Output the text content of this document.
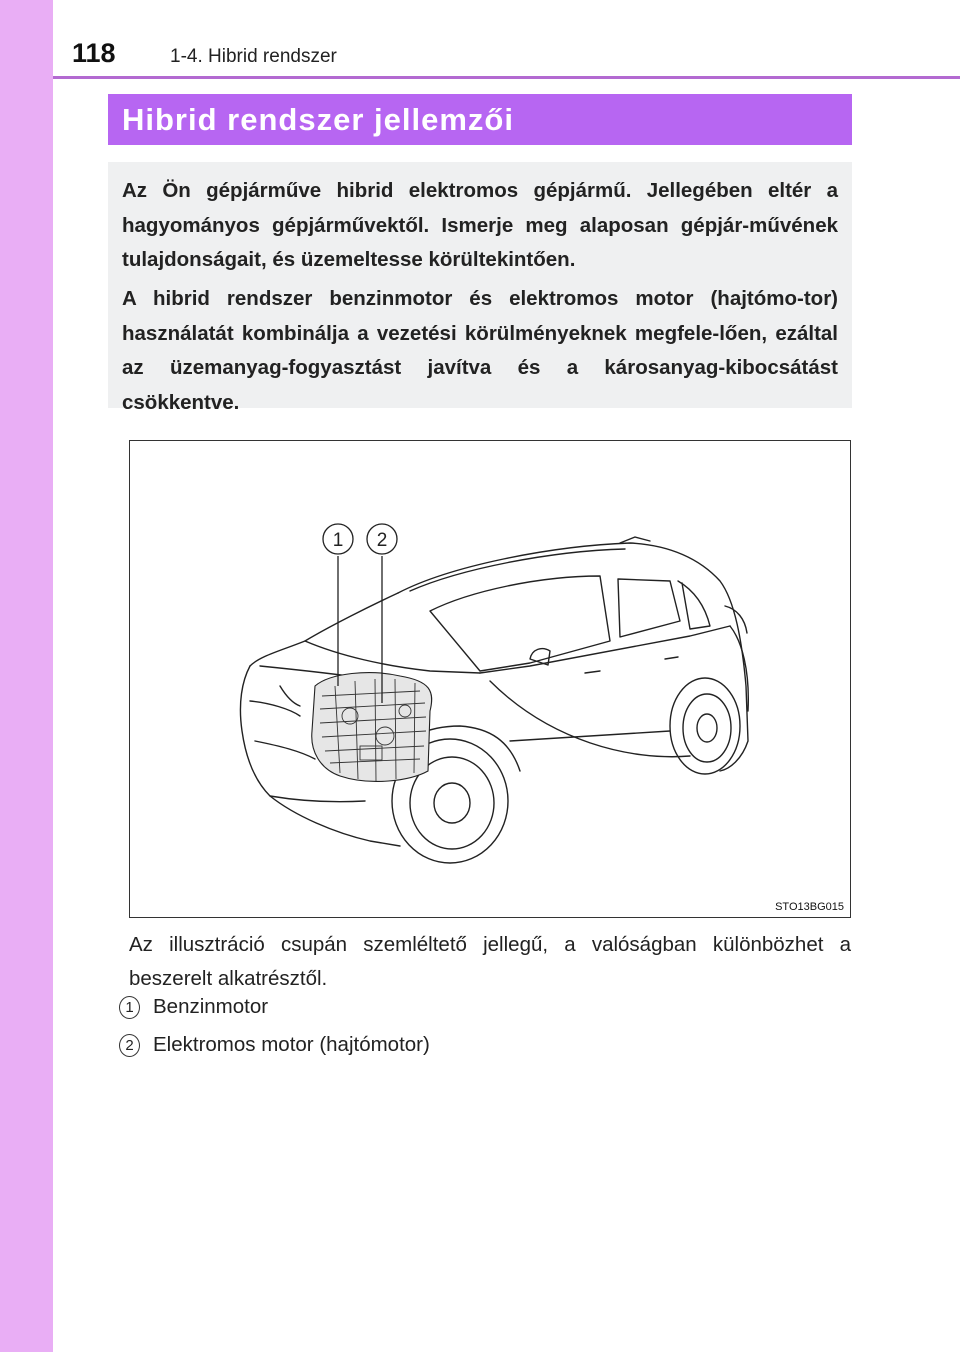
118	1-4. Hibrid rendszer
Hibrid rendszer jellemzői

Az Ön gépjárműve hibrid elektromos gépjármű. Jellegében eltér a hagyományos gépjárművektől. Ismerje meg alaposan gépjár-művének tulajdonságait, és üzemeltesse körültekintően.

A hibrid rendszer benzinmotor és elektromos motor (hajtómo-tor) használatát kombinálja a vezetési körülményeknek megfele-lően, ezáltal az üzemanyag-fogyasztást javítva és a károsanyag-kibocsátást csökkentve.

1 2
STO13BG015
Az illusztráció csupán szemléltető jellegű, a valóságban különbözhet a beszerelt alkatrésztől.
1 Benzinmotor
2 Elektromos motor (hajtómotor)
